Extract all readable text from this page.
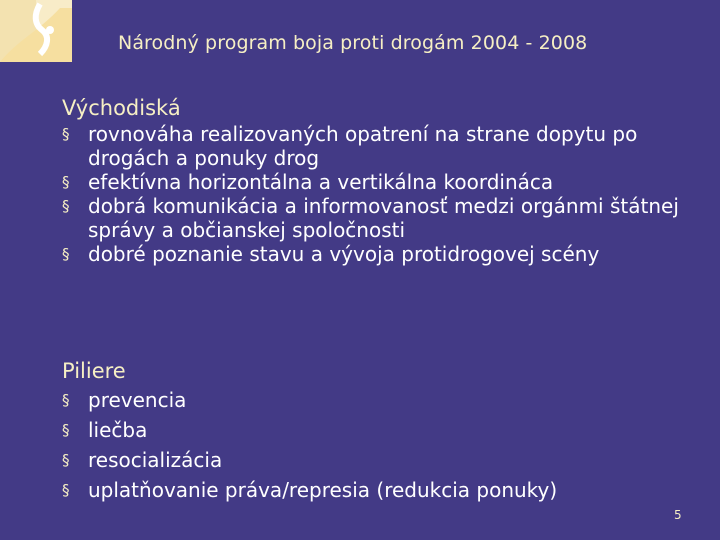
Národný program boja proti drogám 2004 - 2008

Východiská

§ rovnováha realizovaných opatrení na strane dopytu po drogách a ponuky drog
§ efektívna horizontálna a vertikálna koordináca
§ dobrá komunikácia a informovanosť medzi orgánmi štátnej správy a občianskej spoločnosti
§ dobré poznanie stavu a vývoja protidrogovej scény

Piliere

§ prevencia
§ liečba
§ resocializácia
§ uplatňovanie práva/represia (redukcia ponuky)
5
